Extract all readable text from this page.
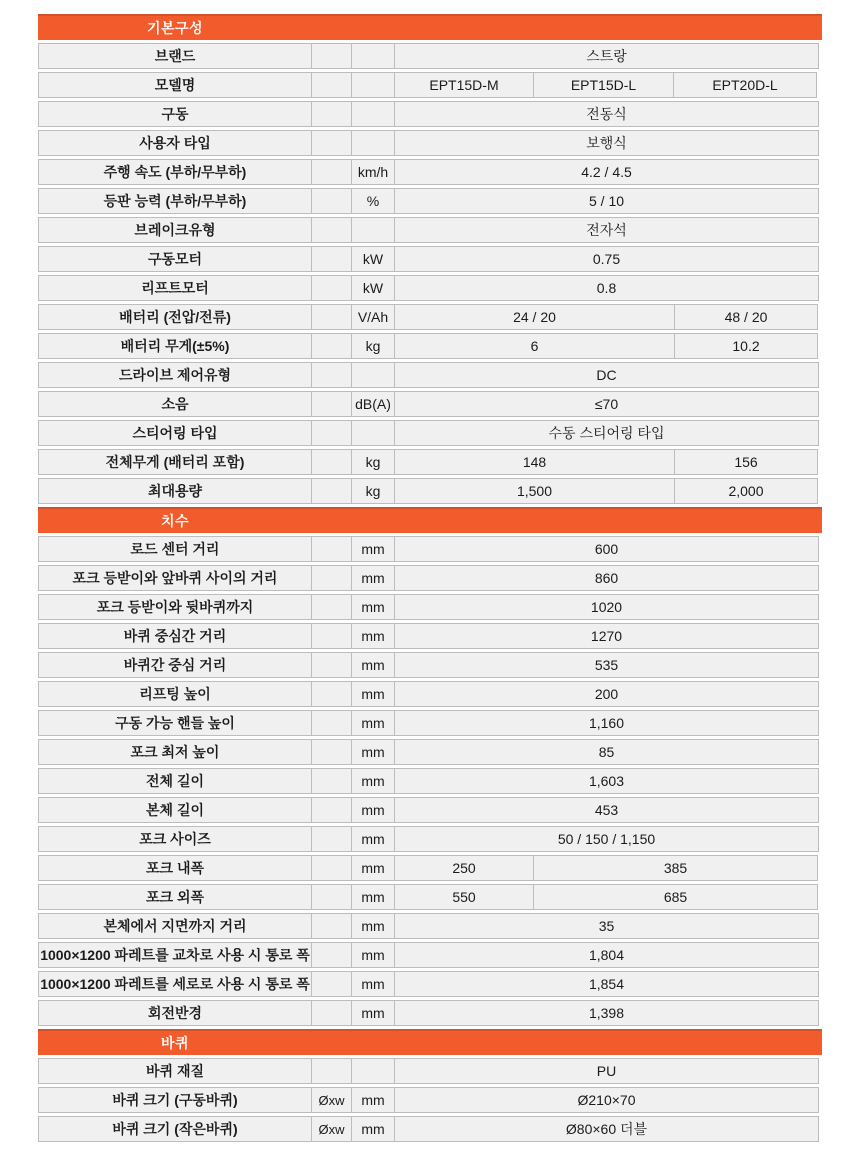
기본구성
브랜드	스트랑
모델명	EPT15D-M	EPT15D-L	EPT20D-L
구동	전동식
사용자 타입	보행식
주행 속도 (부하/무부하)	km/h	4.2 / 4.5
등판 능력 (부하/무부하)	%	5 / 10
브레이크유형	전자석
구동모터	kW	0.75
리프트모터	kW	0.8
배터리 (전압/전류)	V/Ah	24 / 20	48 / 20
배터리 무게(±5%)	kg	6	10.2
드라이브 제어유형	DC
소음	dB(A)	≤70
스티어링 타입	수동 스티어링 타입
전체무게 (배터리 포함)	kg	148	156
최대용량	kg	1,500	2,000
치수
로드 센터 거리	mm	600
포크 등받이와 앞바퀴 사이의 거리	mm	860
포크 등받이와 뒷바퀴까지	mm	1020
바퀴 중심간 거리	mm	1270
바퀴간 중심 거리	mm	535
리프팅 높이	mm	200
구동 가능 핸들 높이	mm	1,160
포크 최저 높이	mm	85
전체 길이	mm	1,603
본체 길이	mm	453
포크 사이즈	mm	50 / 150 / 1,150
포크 내폭	mm	250	385
포크 외폭	mm	550	685
본체에서 지면까지 거리	mm	35
1000×1200 파레트를 교차로 사용 시 통로 폭	mm	1,804
1000×1200 파레트를 세로로 사용 시 통로 폭	mm	1,854
회전반경	mm	1,398
바퀴
바퀴 재질	PU
바퀴 크기 (구동바퀴)	Øxw	mm	Ø210×70
바퀴 크기 (작은바퀴)	Øxw	mm	Ø80×60 더블
